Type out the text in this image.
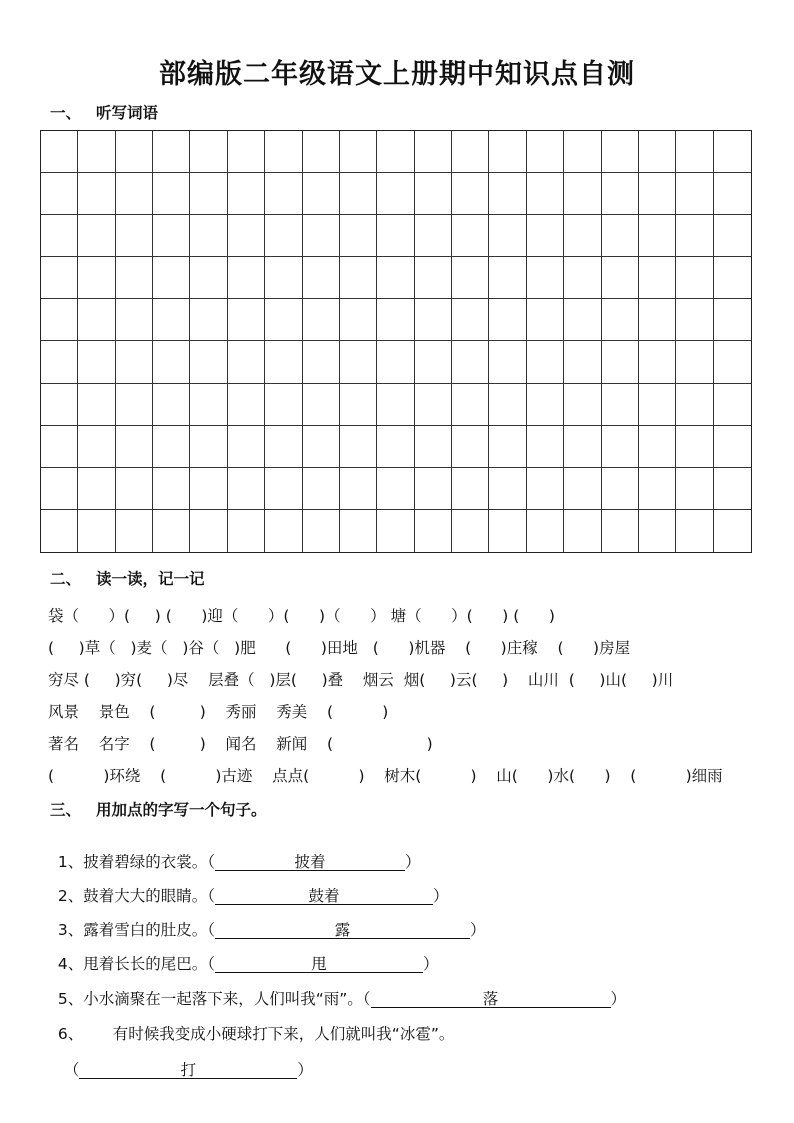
部编版二年级语文上册期中知识点自测
一、 听写词语
二、 读一读，记一记
袋（      ）(     ) (      )迎（      ）(      )（      ） 塘（      ）(      ) (      )
(     )草（   )麦（   )谷（   )肥      (      )田地   (      )机器    (      )庄稼    (      )房屋
穷尽 (     )穷(     )尽    层叠（   )层(     )叠    烟云  烟(     )云(     )    山川  (     )山(     )川
风景    景色    (         )    秀丽    秀美    (          )
著名    名字    (         )    闻名    新闻    (                   )
(          )环绕    (          )古迹    点点(          )    树木(          )    山(      )水(      )    (          )细雨
三、 用加点的字写一个句子。

1、披着碧绿的衣裳。（	披着	）

2、鼓着大大的眼睛。（	鼓着	）

3、露着雪白的肚皮。（	露	）

4、甩着长长的尾巴。（	甩	）

5、小水滴聚在一起落下来，人们叫我“雨”。（	落	）

6、      有时候我变成小硬球打下来，人们就叫我“冰雹”。

（	打	）
